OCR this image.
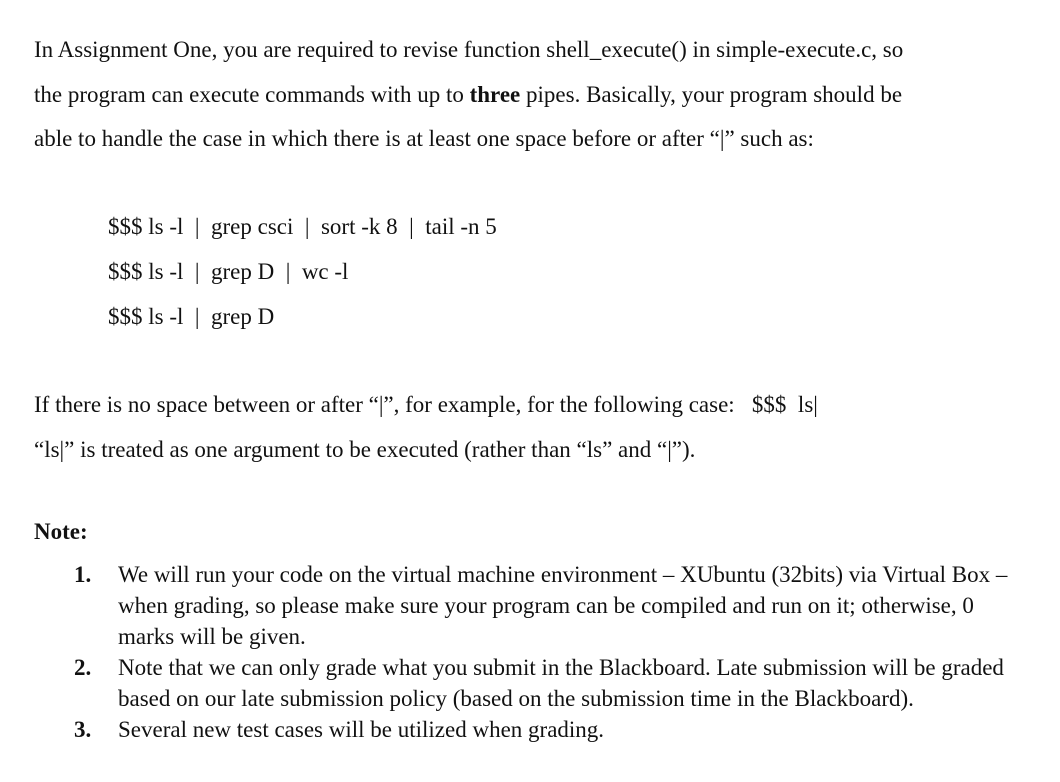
In Assignment One, you are required to revise function shell_execute() in simple-execute.c, so
the program can execute commands with up to three pipes. Basically, your program should be
able to handle the case in which there is at least one space before or after “|” such as:
$$$ ls -l  |  grep csci  |  sort -k 8  |  tail -n 5
$$$ ls -l  |  grep D  |  wc -l
$$$ ls -l  |  grep D
If there is no space between or after “|”, for example, for the following case:   $$$  ls|
“ls|” is treated as one argument to be executed (rather than “ls” and “|”).
Note:
1. We will run your code on the virtual machine environment – XUbuntu (32bits) via Virtual Box – when grading, so please make sure your program can be compiled and run on it; otherwise, 0 marks will be given.
2. Note that we can only grade what you submit in the Blackboard. Late submission will be graded based on our late submission policy (based on the submission time in the Blackboard).
3. Several new test cases will be utilized when grading.
